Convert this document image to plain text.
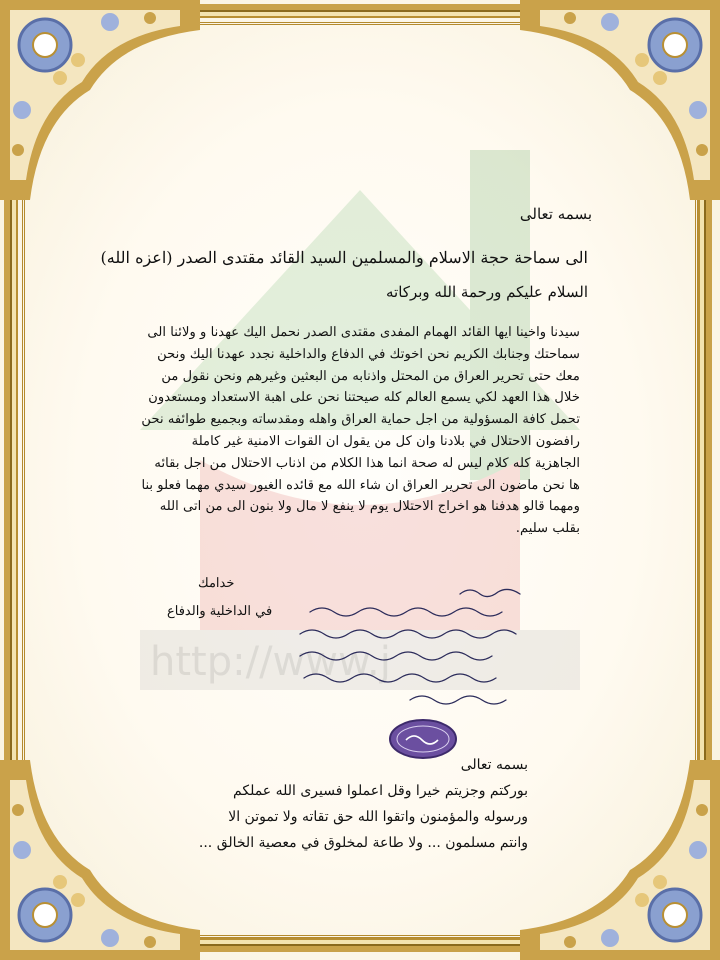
http://www.j
بسمه تعالى
الى سماحة حجة الاسلام والمسلمين السيد القائد مقتدى الصدر (اعزه الله)
السلام عليكم ورحمة الله وبركاته
سيدنا واخينا ايها القائد الهمام المفدى مقتدى الصدر نحمل اليك عهدنا و ولائنا الى
سماحتك وجنابك الكريم نحن اخوتك في الدفاع والداخلية نجدد عهدنا اليك ونحن
معك حتى تحرير العراق من المحتل واذنابه من البعثين وغيرهم ونحن نقول من
خلال هذا العهد لكي يسمع العالم كله صيحتنا نحن على اهبة الاستعداد ومستعدون
تحمل كافة المسؤولية من اجل حماية العراق واهله ومقدساته وبجميع طوائفه نحن
رافضون الاحتلال في بلادنا وان كل من يقول ان القوات الامنية غير كاملة
الجاهزية كله كلام ليس له صحة انما هذا الكلام من اذناب الاحتلال من اجل بقائه
ها نحن ماضون الى تحرير العراق ان شاء الله مع قائده الغيور سيدي مهما فعلو بنا
ومهما قالو هدفنا هو اخراج الاحتلال يوم لا ينفع لا مال ولا بنون الى من اتى الله
بقلب سليم.
خدامك
في الداخلية والدفاع
بسمه تعالى
بوركتم وجزيتم خيرا وقل اعملوا فسيرى الله عملكم
ورسوله والمؤمنون واتقوا الله حق تقاته ولا تموتن الا
وانتم مسلمون ... ولا طاعة لمخلوق في معصية الخالق ...
